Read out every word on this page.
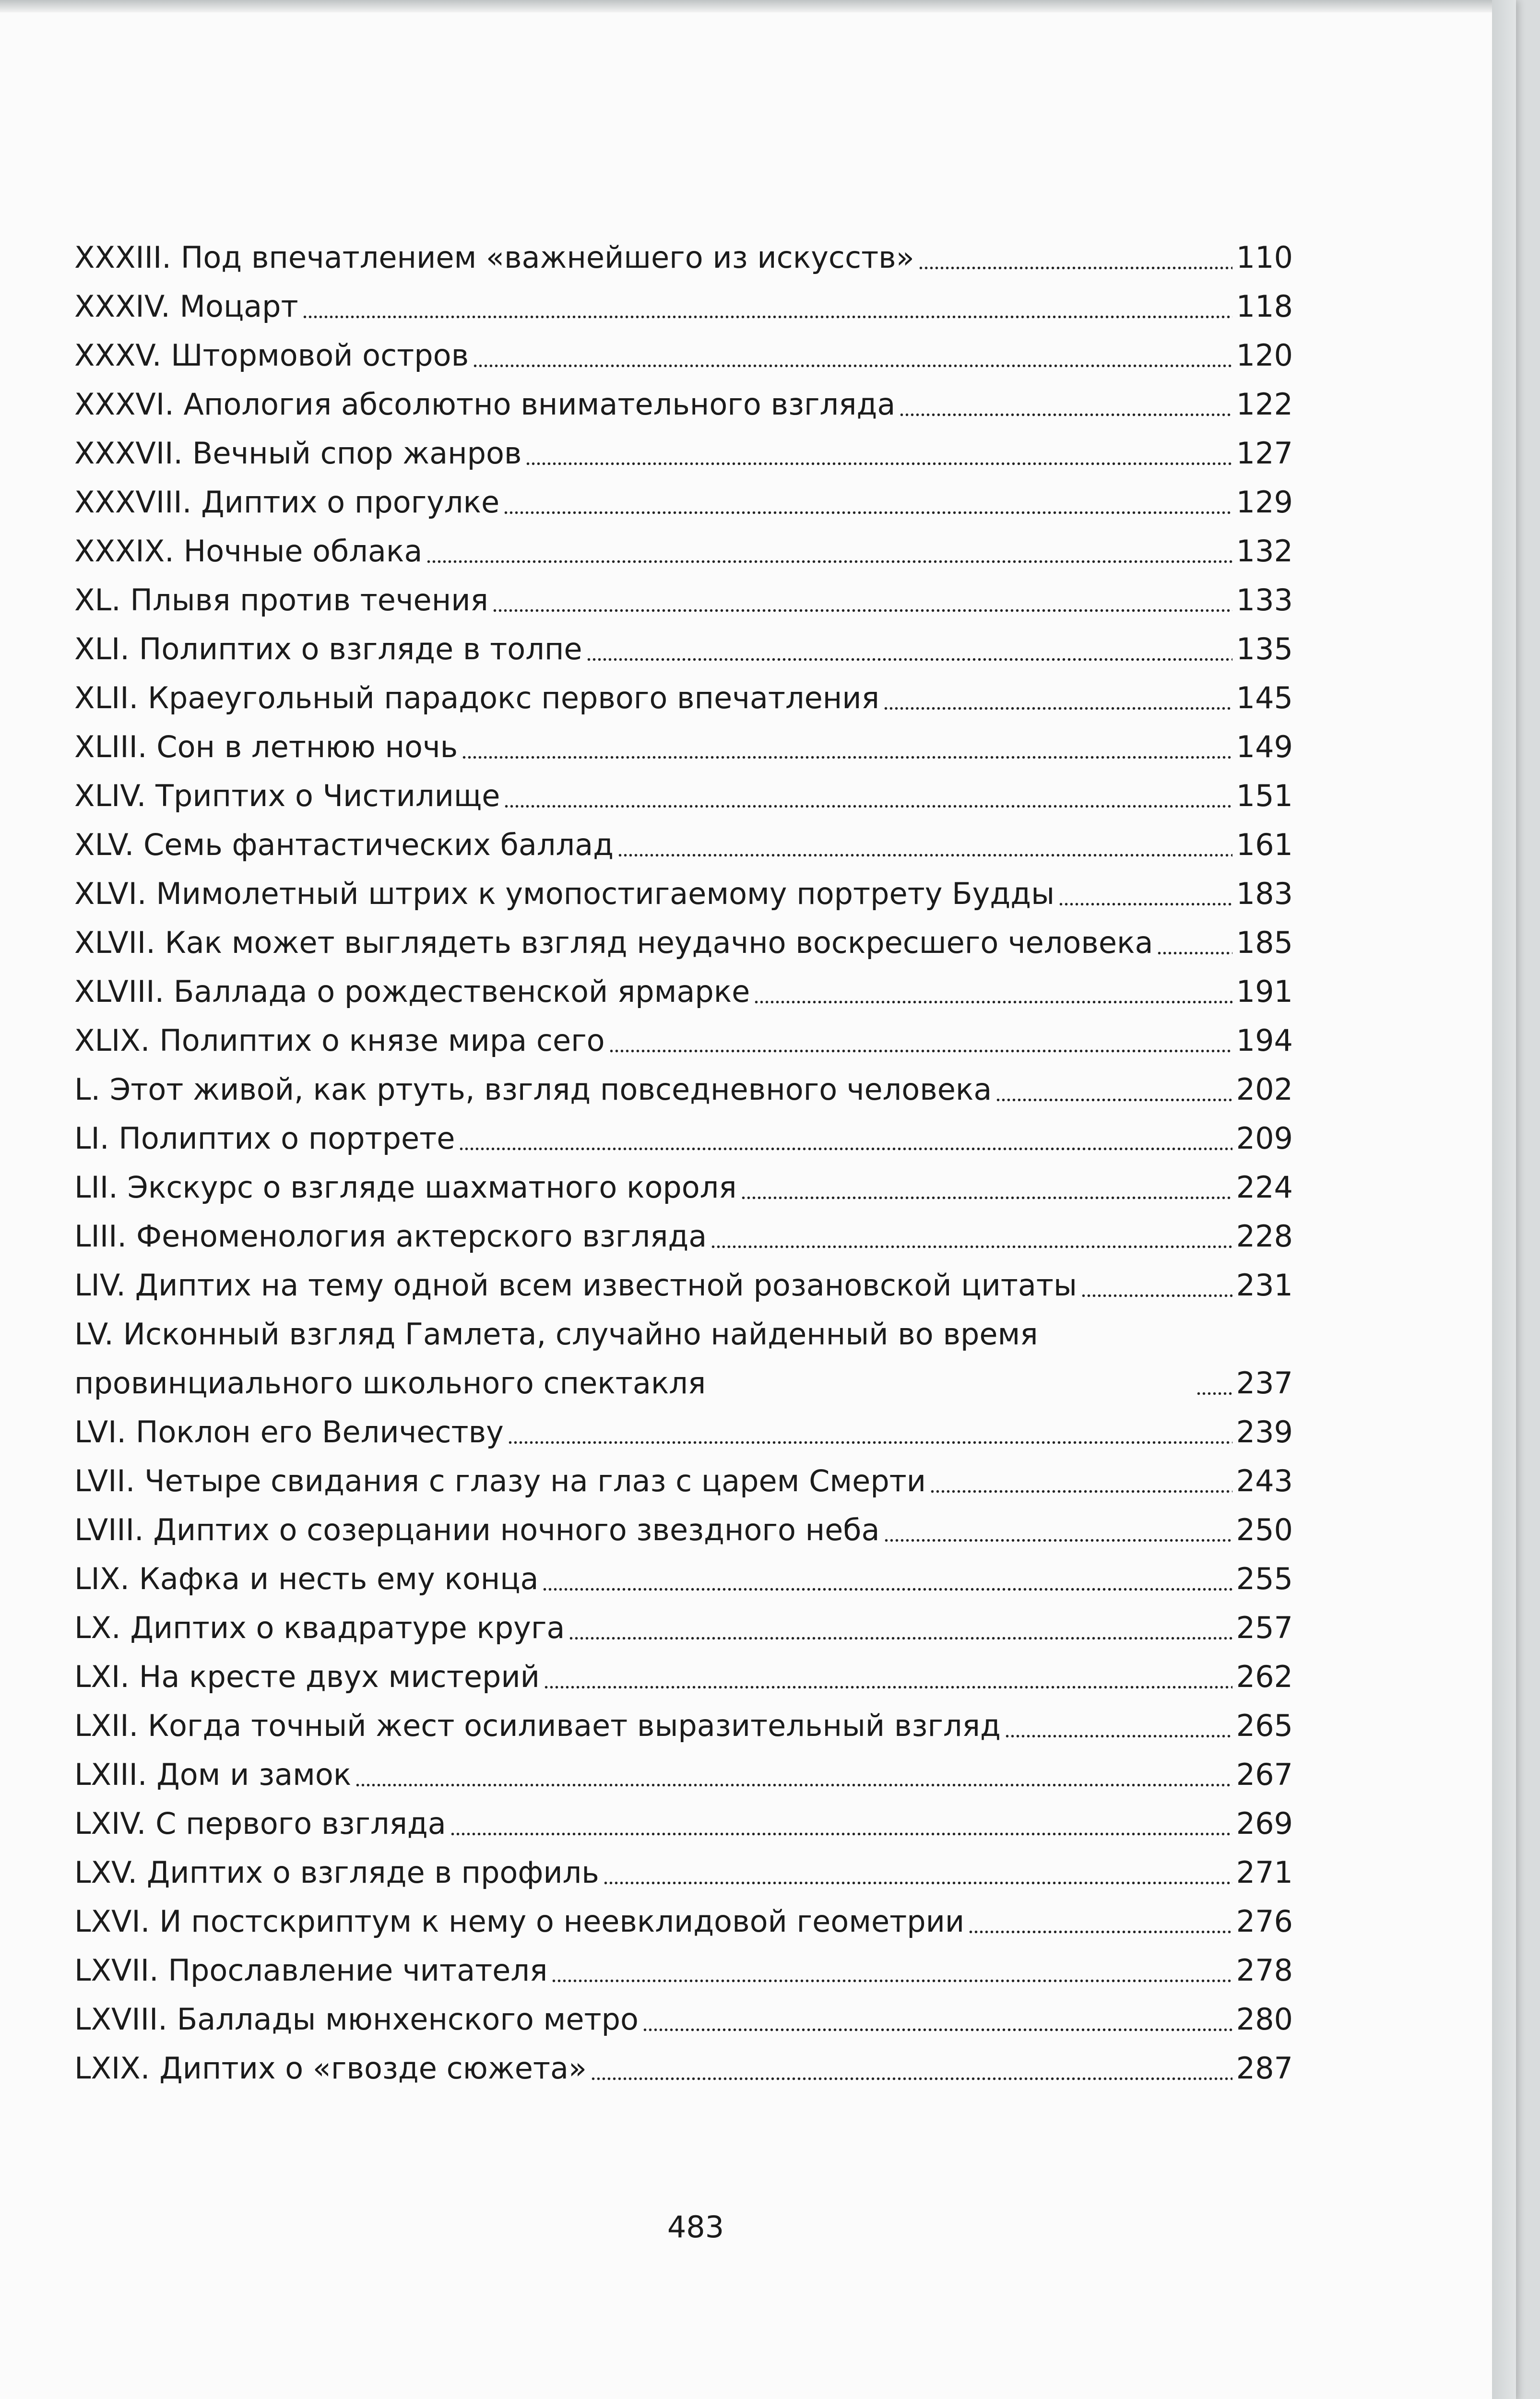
XXXIII. Под впечатлением «важнейшего из искусств»	110
XXXIV. Моцарт	118
XXXV. Штормовой остров	120
XXXVI. Апология абсолютно внимательного взгляда	122
XXXVII. Вечный спор жанров	127
XXXVIII. Диптих о прогулке	129
XXXIX. Ночные облака	132
XL. Плывя против течения	133
XLI. Полиптих о взгляде в толпе	135
XLII. Краеугольный парадокс первого впечатления	145
XLIII. Сон в летнюю ночь	149
XLIV. Триптих о Чистилище	151
XLV. Семь фантастических баллад	161
XLVI. Мимолетный штрих к умопостигаемому портрету Будды	183
XLVII. Как может выглядеть взгляд неудачно воскресшего человека	185
XLVIII. Баллада о рождественской ярмарке	191
XLIX. Полиптих о князе мира сего	194
L. Этот живой, как ртуть, взгляд повседневного человека	202
LI. Полиптих о портрете	209
LII. Экскурс о взгляде шахматного короля	224
LIII. Феноменология актерского взгляда	228
LIV. Диптих на тему одной всем известной розановской цитаты	231
LV. Исконный взгляд Гамлета, случайно найденный во время провинциального школьного спектакля	237
LVI. Поклон его Величеству	239
LVII. Четыре свидания с глазу на глаз с царем Смерти	243
LVIII. Диптих о созерцании ночного звездного неба	250
LIX. Кафка и несть ему конца	255
LX. Диптих о квадратуре круга	257
LXI. На кресте двух мистерий	262
LXII. Когда точный жест осиливает выразительный взгляд	265
LXIII. Дом и замок	267
LXIV. С первого взгляда	269
LXV. Диптих о взгляде в профиль	271
LXVI. И постскриптум к нему о неевклидовой геометрии	276
LXVII. Прославление читателя	278
LXVIII. Баллады мюнхенского метро	280
LXIX. Диптих о «гвозде сюжета»	287
483
